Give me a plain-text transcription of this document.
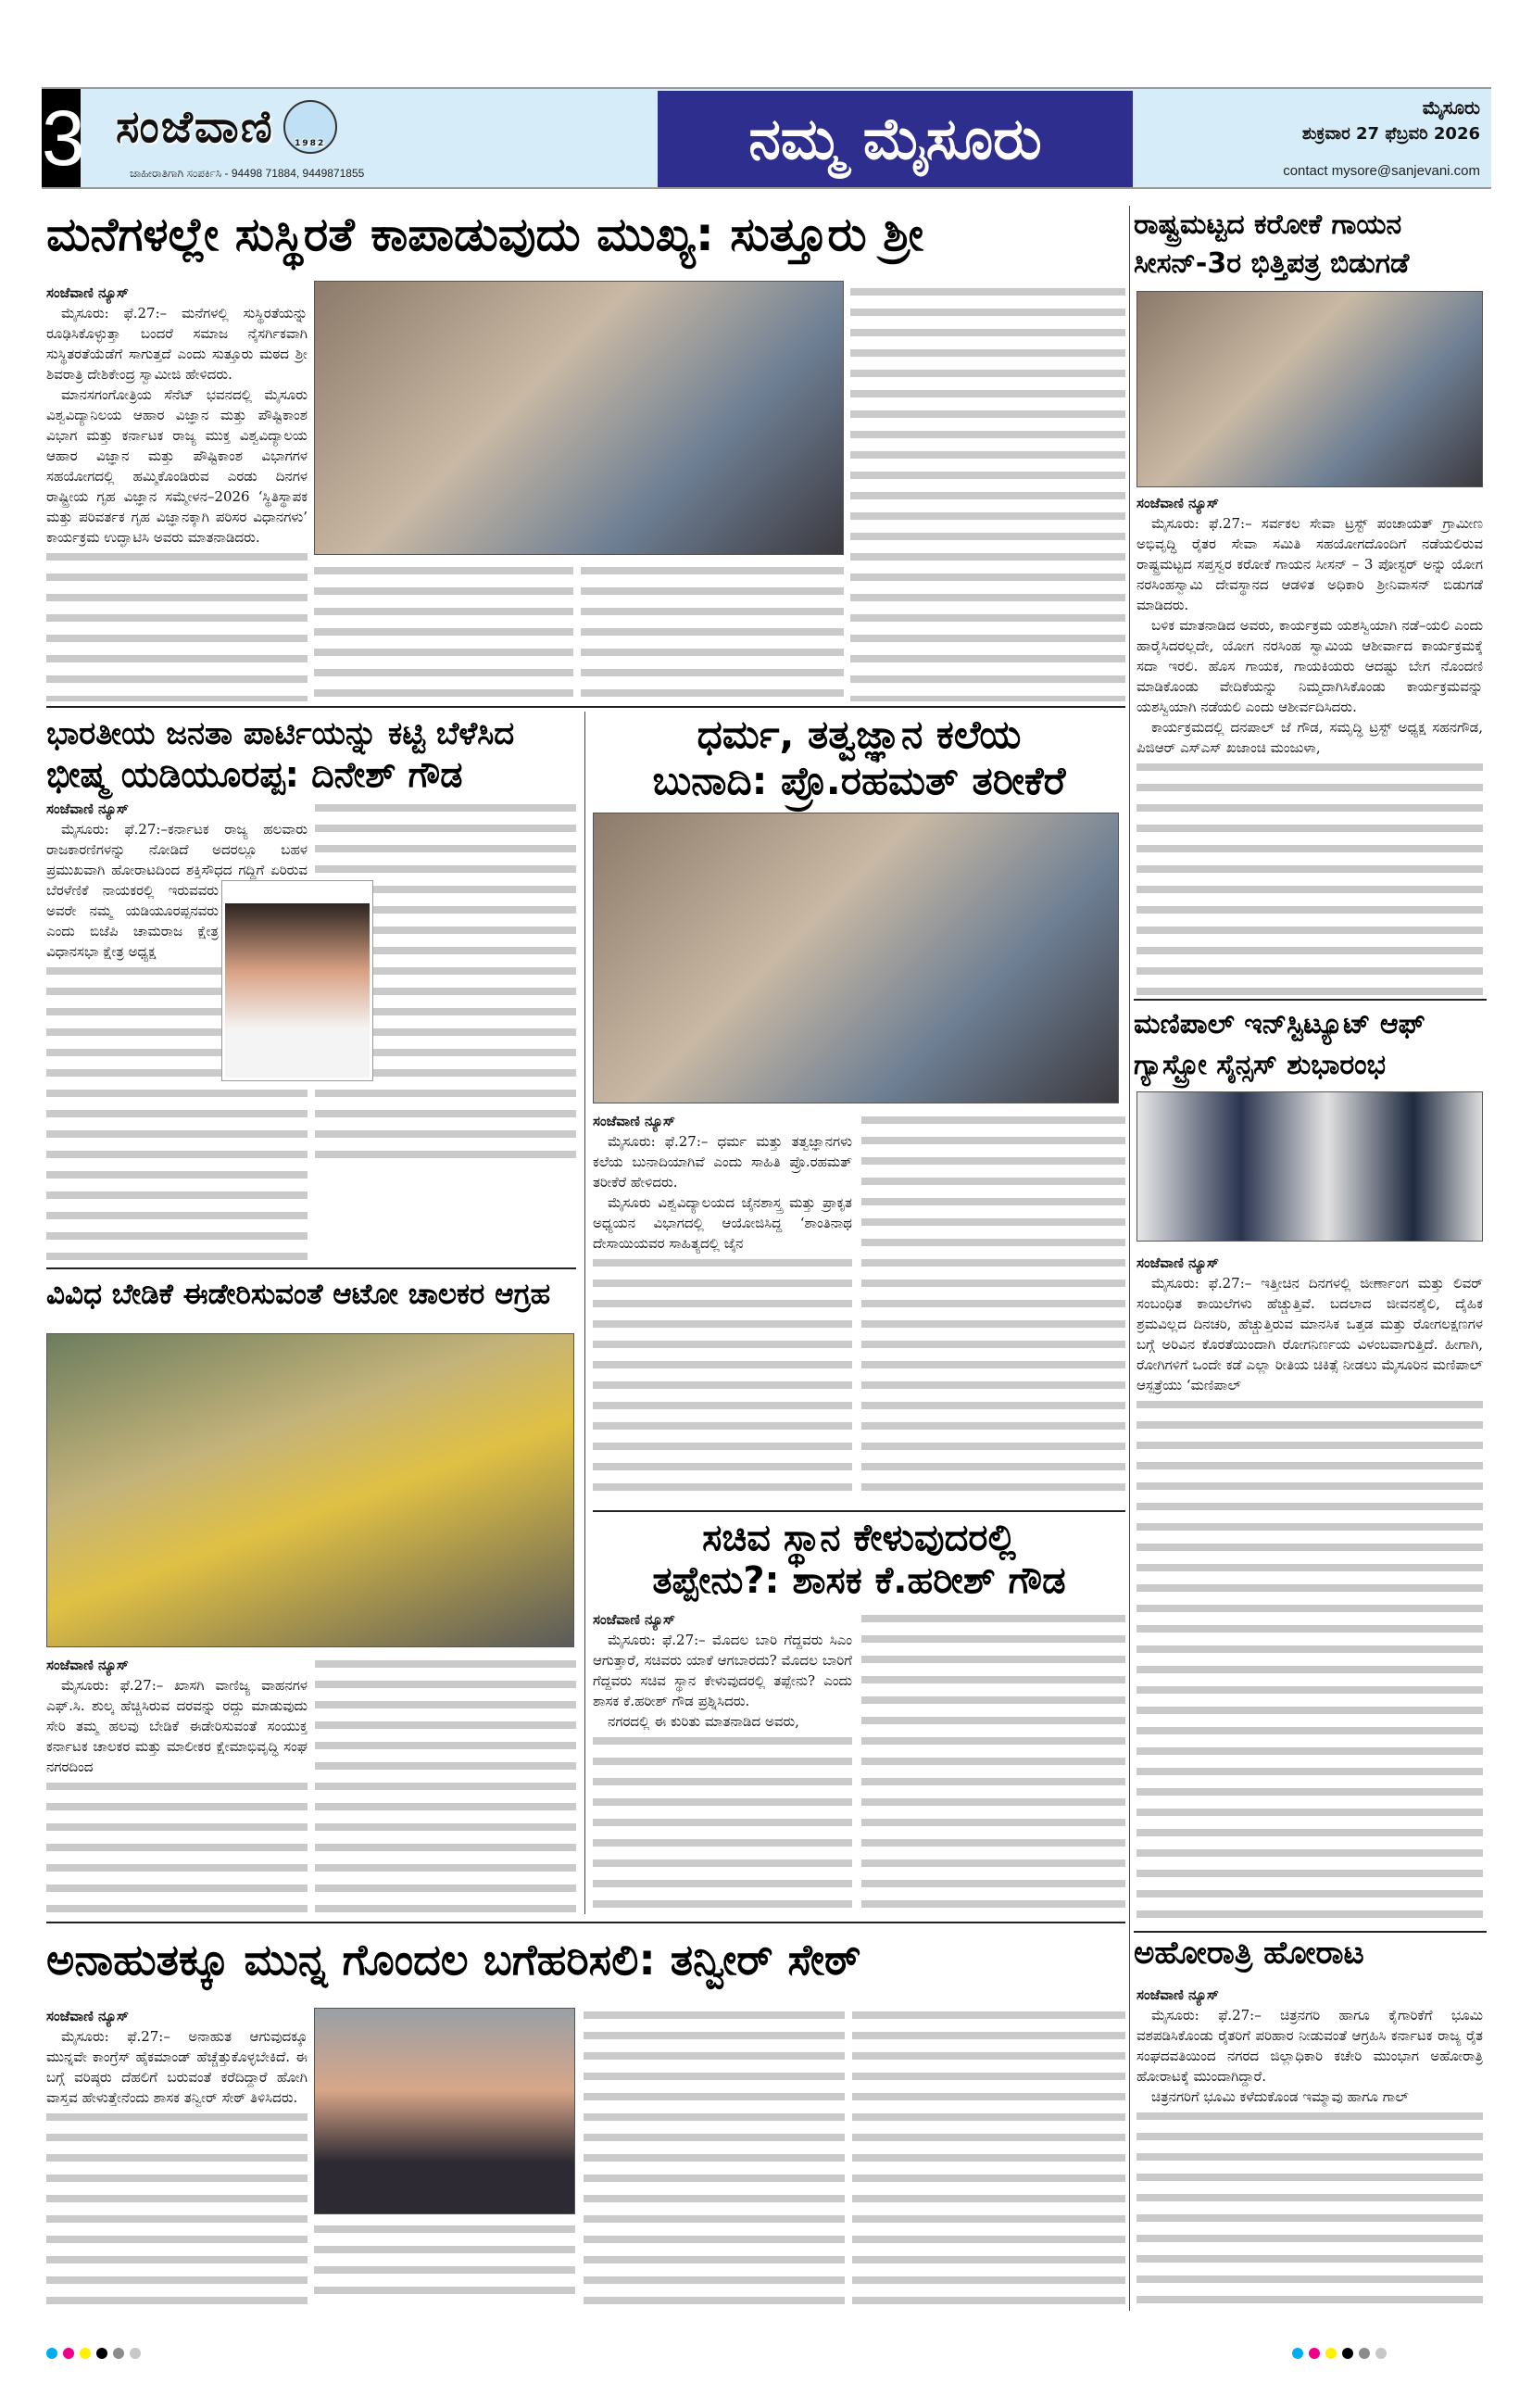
3 ಸಂಜೆವಾಣಿ 1982
ಜಾಹೀರಾತಿಗಾಗಿ ಸಂಪರ್ಕಿಸಿ - 94498 71884, 9449871855
ನಮ್ಮ ಮೈಸೂರು	ಮೈಸೂರು
ಶುಕ್ರವಾರ 27 ಫೆಬ್ರವರಿ 2026
contact mysore@sanjevani.com
ಮನೆಗಳಲ್ಲೇ ಸುಸ್ಥಿರತೆ ಕಾಪಾಡುವುದು ಮುಖ್ಯ: ಸುತ್ತೂರು ಶ್ರೀ

ಸಂಜೆವಾಣಿ ನ್ಯೂಸ್

ಮೈಸೂರು: ಫೆ.27:– ಮನೆಗಳಲ್ಲಿ ಸುಸ್ಥಿರತೆಯನ್ನು ರೂಢಿಸಿಕೊಳ್ಳುತ್ತಾ ಬಂದರೆ ಸಮಾಜ ನೈಸರ್ಗಿಕವಾಗಿ ಸುಸ್ಥಿತರತೆಯೆಡೆಗೆ ಸಾಗುತ್ತದೆ ಎಂದು ಸುತ್ತೂರು ಮಠದ ಶ್ರೀ ಶಿವರಾತ್ರಿ ದೇಶಿಕೇಂದ್ರ ಸ್ವಾಮೀಜಿ ಹೇಳಿದರು.

ಮಾನಸಗಂಗೋತ್ರಿಯ ಸೆನೆಟ್ ಭವನದಲ್ಲಿ ಮೈಸೂರು ವಿಶ್ವವಿದ್ಯಾನಿಲಯ ಆಹಾರ ವಿಜ್ಞಾನ ಮತ್ತು ಪೌಷ್ಟಿಕಾಂಶ ವಿಭಾಗ ಮತ್ತು ಕರ್ನಾಟಕ ರಾಜ್ಯ ಮುಕ್ತ ವಿಶ್ವವಿದ್ಯಾಲಯ ಆಹಾರ ವಿಜ್ಞಾನ ಮತ್ತು ಪೌಷ್ಟಿಕಾಂಶ ವಿಭಾಗಗಳ ಸಹಯೋಗದಲ್ಲಿ ಹಮ್ಮಿಕೊಂಡಿರುವ ಎರಡು ದಿನಗಳ ರಾಷ್ಟ್ರೀಯ ಗೃಹ ವಿಜ್ಞಾನ ಸಮ್ಮೇಳನ–2026 ‘ಸ್ಥಿತಿಸ್ಥಾಪಕ ಮತ್ತು ಪರಿವರ್ತಕ ಗೃಹ ವಿಜ್ಞಾನಕ್ಕಾಗಿ ಪರಿಸರ ವಿಧಾನಗಳು’ ಕಾರ್ಯಕ್ರಮ ಉದ್ಘಾಟಿಸಿ ಅವರು ಮಾತನಾಡಿದರು.

ಭಾರತೀಯ ಜನತಾ ಪಾರ್ಟಿಯನ್ನು ಕಟ್ಟಿ ಬೆಳೆಸಿದ
ಭೀಷ್ಮ ಯಡಿಯೂರಪ್ಪ: ದಿನೇಶ್ ಗೌಡ

ಸಂಜೆವಾಣಿ ನ್ಯೂಸ್

ಮೈಸೂರು: ಫೆ.27:–ಕರ್ನಾಟಕ ರಾಜ್ಯ ಹಲವಾರು ರಾಜಕಾರಣಿಗಳನ್ನು ನೋಡಿದೆ ಅದರಲ್ಲೂ ಬಹಳ ಪ್ರಮುಖವಾಗಿ ಹೋರಾಟದಿಂದ ಶಕ್ತಿಸೌಧದ ಗದ್ದಿಗೆ ಏರಿರುವ ಬೆರಳೆಣಿಕೆ ನಾಯಕರಲ್ಲಿ ಇರುವವರು ಅವರೇ ನಮ್ಮ ಯಡಿಯೂರಪ್ಪನವರು ಎಂದು ಬಿಜೆಪಿ ಚಾಮರಾಜ ಕ್ಷೇತ್ರ ವಿಧಾನಸಭಾ ಕ್ಷೇತ್ರ ಅಧ್ಯಕ್ಷ

ಧರ್ಮ, ತತ್ವಜ್ಞಾನ ಕಲೆಯ
ಬುನಾದಿ: ಪ್ರೊ.ರಹಮತ್ ತರೀಕೆರೆ

ಸಂಜೆವಾಣಿ ನ್ಯೂಸ್

ಮೈಸೂರು: ಫೆ.27:– ಧರ್ಮ ಮತ್ತು ತತ್ವಜ್ಞಾನಗಳು ಕಲೆಯ ಬುನಾದಿಯಾಗಿವೆ ಎಂದು ಸಾಹಿತಿ ಪ್ರೊ.ರಹಮತ್ ತರೀಕೆರೆ ಹೇಳಿದರು.

ಮೈಸೂರು ವಿಶ್ವವಿದ್ಯಾಲಯದ ಜೈನಶಾಸ್ತ್ರ ಮತ್ತು ಪ್ರಾಕೃತ ಅಧ್ಯಯನ ವಿಭಾಗದಲ್ಲಿ ಆಯೋಜಿಸಿದ್ದ ‘ಶಾಂತಿನಾಥ ದೇಸಾಯಿಯವರ ಸಾಹಿತ್ಯದಲ್ಲಿ ಜೈನ

ವಿವಿಧ ಬೇಡಿಕೆ ಈಡೇರಿಸುವಂತೆ ಆಟೋ ಚಾಲಕರ ಆಗ್ರಹ

ಸಂಜೆವಾಣಿ ನ್ಯೂಸ್

ಮೈಸೂರು: ಫೆ.27:– ಖಾಸಗಿ ವಾಣಿಜ್ಯ ವಾಹನಗಳ ಎಫ್.ಸಿ. ಶುಲ್ಕ ಹೆಚ್ಚಿಸಿರುವ ದರವನ್ನು ರದ್ದು ಮಾಡುವುದು ಸೇರಿ ತಮ್ಮ ಹಲವು ಬೇಡಿಕೆ ಈಡೇರಿಸುವಂತೆ ಸಂಯುಕ್ತ ಕರ್ನಾಟಕ ಚಾಲಕರ ಮತ್ತು ಮಾಲೀಕರ ಕ್ಷೇಮಾಭಿವೃದ್ಧಿ ಸಂಘ ನಗರದಿಂದ

ಸಚಿವ ಸ್ಥಾನ ಕೇಳುವುದರಲ್ಲಿ
ತಪ್ಪೇನು?: ಶಾಸಕ ಕೆ.ಹರೀಶ್ ಗೌಡ

ಸಂಜೆವಾಣಿ ನ್ಯೂಸ್

ಮೈಸೂರು: ಫೆ.27:– ಮೊದಲ ಬಾರಿ ಗೆದ್ದವರು ಸಿಎಂ ಆಗುತ್ತಾರೆ, ಸಚಿವರು ಯಾಕೆ ಆಗಬಾರದು? ಮೊದಲ ಬಾರಿಗೆ ಗೆದ್ದವರು ಸಚಿವ ಸ್ಥಾನ ಕೇಳುವುದರಲ್ಲಿ ತಪ್ಪೇನು? ಎಂದು ಶಾಸಕ ಕೆ.ಹರೀಶ್ ಗೌಡ ಪ್ರಶ್ನಿಸಿದರು.

ನಗರದಲ್ಲಿ ಈ ಕುರಿತು ಮಾತನಾಡಿದ ಅವರು,

ಅನಾಹುತಕ್ಕೂ ಮುನ್ನ ಗೊಂದಲ ಬಗೆಹರಿಸಲಿ: ತನ್ವೀರ್ ಸೇಠ್

ಸಂಜೆವಾಣಿ ನ್ಯೂಸ್

ಮೈಸೂರು: ಫೆ.27:– ಅನಾಹುತ ಆಗುವುದಕ್ಕೂ ಮುನ್ನವೇ ಕಾಂಗ್ರೆಸ್ ಹೈಕಮಾಂಡ್ ಹೆಚ್ಚೆತ್ತುಕೊಳ್ಳಬೇಕಿದೆ. ಈ ಬಗ್ಗೆ ವರಿಷ್ಠರು ದೆಹಲಿಗೆ ಬರುವಂತೆ ಕರೆದಿದ್ದಾರೆ ಹೋಗಿ ವಾಸ್ತವ ಹೇಳುತ್ತೇನೆಂದು ಶಾಸಕ ತನ್ವೀರ್ ಸೇಠ್ ತಿಳಿಸಿದರು.

ರಾಷ್ಟ್ರಮಟ್ಟದ ಕರೋಕೆ ಗಾಯನ
ಸೀಸನ್-3ರ ಭಿತ್ತಿಪತ್ರ ಬಿಡುಗಡೆ

ಸಂಜೆವಾಣಿ ನ್ಯೂಸ್

ಮೈಸೂರು: ಫೆ.27:– ಸರ್ವಕಲ ಸೇವಾ ಟ್ರಸ್ಟ್ ಪಂಚಾಯತ್ ಗ್ರಾಮೀಣ ಅಭಿವೃದ್ಧಿ ರೈತರ ಸೇವಾ ಸಮಿತಿ ಸಹಯೋಗದೊಂದಿಗೆ ನಡೆಯಲಿರುವ ರಾಷ್ಟ್ರಮಟ್ಟದ ಸಪ್ತಸ್ವರ ಕರೋಕೆ ಗಾಯನ ಸೀಸನ್ – 3 ಪೋಸ್ಟರ್ ಅನ್ನು ಯೋಗ ನರಸಿಂಹಸ್ವಾಮಿ ದೇವಸ್ಥಾನದ ಆಡಳಿತ ಅಧಿಕಾರಿ ಶ್ರೀನಿವಾಸನ್ ಬಿಡುಗಡೆ ಮಾಡಿದರು.

ಬಳಿಕ ಮಾತನಾಡಿದ ಅವರು, ಕಾರ್ಯಕ್ರಮ ಯಶಸ್ವಿಯಾಗಿ ನಡೆ–ಯಲಿ ಎಂದು ಹಾರೈಸಿದರಲ್ಲದೇ, ಯೋಗ ನರಸಿಂಹ ಸ್ವಾಮಿಯ ಆಶೀರ್ವಾದ ಕಾರ್ಯಕ್ರಮಕ್ಕೆ ಸದಾ ಇರಲಿ. ಹೊಸ ಗಾಯಕ, ಗಾಯಕಿಯರು ಆದಷ್ಟು ಬೇಗ ನೊಂದಣಿ ಮಾಡಿಕೊಂಡು ವೇದಿಕೆಯನ್ನು ನಿಮ್ಮದಾಗಿಸಿಕೊಂಡು ಕಾರ್ಯಕ್ರಮವನ್ನು ಯಶಸ್ವಿಯಾಗಿ ನಡೆಯಲಿ ಎಂದು ಆಶೀರ್ವದಿಸಿದರು.

ಕಾರ್ಯಕ್ರಮದಲ್ಲಿ ದನಪಾಲ್ ಜೆ ಗೌಡ, ಸಮೃದ್ಧಿ ಟ್ರಸ್ಟ್ ಅಧ್ಯಕ್ಷ ಸಹನಗೌಡ, ಪಿಜಿಆರ್ ಎಸ್‌ಎಸ್ ಖಜಾಂಚಿ ಮಂಜುಳಾ,

ಮಣಿಪಾಲ್ ಇನ್‌ಸ್ಟಿಟ್ಯೂಟ್ ಆಫ್
ಗ್ಯಾಸ್ಟ್ರೋ ಸೈನ್ಸಸ್ ಶುಭಾರಂಭ

ಸಂಜೆವಾಣಿ ನ್ಯೂಸ್

ಮೈಸೂರು: ಫೆ.27:– ಇತ್ತೀಚಿನ ದಿನಗಳಲ್ಲಿ ಜೀರ್ಣಾಂಗ ಮತ್ತು ಲಿವರ್ ಸಂಬಂಧಿತ ಕಾಯಿಲೆಗಳು ಹೆಚ್ಚುತ್ತಿವೆ. ಬದಲಾದ ಜೀವನಶೈಲಿ, ದೈಹಿಕ ಶ್ರಮವಿಲ್ಲದ ದಿನಚರಿ, ಹೆಚ್ಚುತ್ತಿರುವ ಮಾನಸಿಕ ಒತ್ತಡ ಮತ್ತು ರೋಗಲಕ್ಷಣಗಳ ಬಗ್ಗೆ ಅರಿವಿನ ಕೊರತೆಯಿಂದಾಗಿ ರೋಗನಿರ್ಣಯ ವಿಳಂಬವಾಗುತ್ತಿದೆ. ಹೀಗಾಗಿ, ರೋಗಿಗಳಿಗೆ ಒಂದೇ ಕಡೆ ಎಲ್ಲಾ ರೀತಿಯ ಚಿಕಿತ್ಸೆ ನೀಡಲು ಮೈಸೂರಿನ ಮಣಿಪಾಲ್ ಆಸ್ಪತ್ರೆಯು ‘ಮಣಿಪಾಲ್

ಅಹೋರಾತ್ರಿ ಹೋರಾಟ

ಸಂಜೆವಾಣಿ ನ್ಯೂಸ್

ಮೈಸೂರು: ಫೆ.27:– ಚಿತ್ರನಗರಿ ಹಾಗೂ ಕೈಗಾರಿಕೆಗೆ ಭೂಮಿ ವಶಪಡಿಸಿಕೊಂಡು ರೈತರಿಗೆ ಪರಿಹಾರ ನೀಡುವಂತೆ ಆಗ್ರಹಿಸಿ ಕರ್ನಾಟಕ ರಾಜ್ಯ ರೈತ ಸಂಘದವತಿಯಿಂದ ನಗರದ ಜಿಲ್ಲಾಧಿಕಾರಿ ಕಚೇರಿ ಮುಂಭಾಗ ಅಹೋರಾತ್ರಿ ಹೋರಾಟಕ್ಕೆ ಮುಂದಾಗಿದ್ದಾರೆ.

ಚಿತ್ರನಗರಿಗೆ ಭೂಮಿ ಕಳೆದುಕೊಂಡ ಇಮ್ಮಾವು ಹಾಗೂ ಗಾಲ್
